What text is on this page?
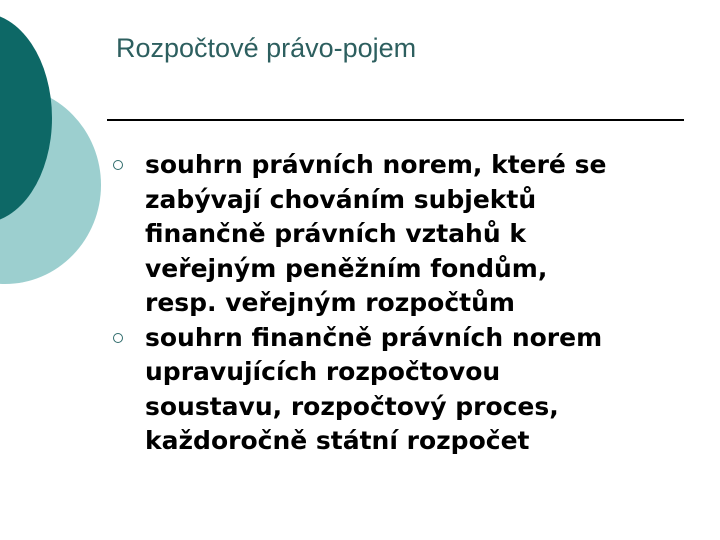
Rozpočtové právo-pojem
souhrn právních norem, které se
zabývají chováním subjektů
finančně právních vztahů k
veřejným peněžním fondům,
resp. veřejným rozpočtům
souhrn finančně právních norem
upravujících rozpočtovou
soustavu, rozpočtový proces,
každoročně státní rozpočet
